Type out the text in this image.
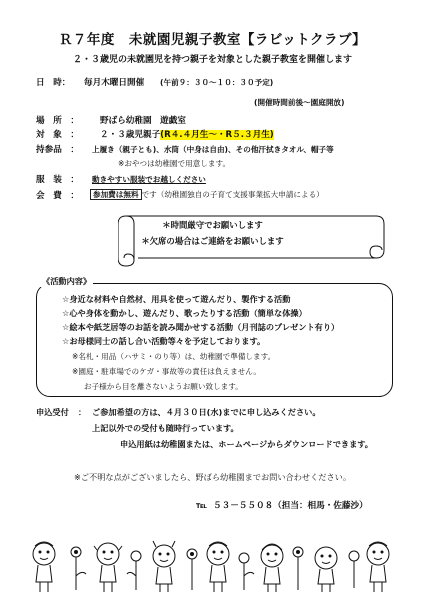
Ｒ７年度　未就園児親子教室【ラビットクラブ】
２・３歳児の未就園児を持つ親子を対象とした親子教室を開催します
日　時： 毎月木曜日開催 (午前９：３０～１０：３０予定)
(開催時間前後～園庭開放)
場　所　： 野ばら幼稚園　遊戯室
対　象　： ２・３歳児親子(R４.４月生～・R５.３月生)
持参品　： 上履き（親子とも)、水筒（中身は自由)、その他汗拭きタオル、帽子等
※おやつは幼稚園で用意します。
服　装　： 動きやすい服装でお越しください
会　費　：	参加費は無料 です（幼稚園独自の子育て支援事業拡大申請による）
＊時間厳守でお願いします
＊欠席の場合はご連絡をお願いします
《活動内容》
☆身近な材料や自然材、用具を使って遊んだり、製作する活動
☆心や身体を動かし、遊んだり、歌ったりする活動（簡単な体操）
☆絵本や紙芝居等のお話を読み聞かせする活動（月刊誌のプレゼント有り）
☆お母様同士の話し合い活動等々を予定しております。
※名札・用品（ハサミ・のり等）は、幼稚園で準備します。
※園庭・駐車場でのケガ・事故等の責任は負えません。
お子様から目を離さないようお願い致します。
申込受付 ： ご参加希望の方は、４月３０日(水)までに申し込みください。
上記以外での受付も随時行っています。
申込用紙は幼稚園または、ホームページからダウンロードできます。
※ご不明な点がございましたら、野ばら幼稚園までお問い合わせください。
℡ ５３－５５０８（担当：相馬・佐藤沙）
